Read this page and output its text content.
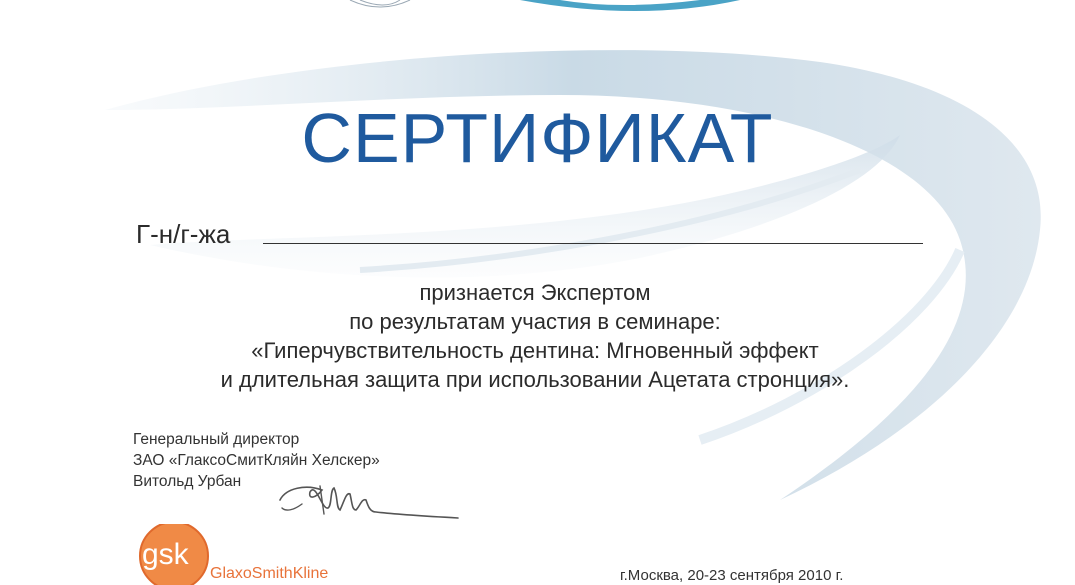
СЕРТИФИКАТ
Г-н/г-жа
признается Экспертом
по результатам участия в семинаре:
«Гиперчувствительность дентина: Мгновенный эффект
и длительная защита при использовании Ацетата стронция».
Генеральный директор
ЗАО «ГлаксоСмитКляйн Хелскер»
Витольд Урбан
gsk
GlaxoSmithKline	г.Москва, 20-23 сентября 2010 г.
